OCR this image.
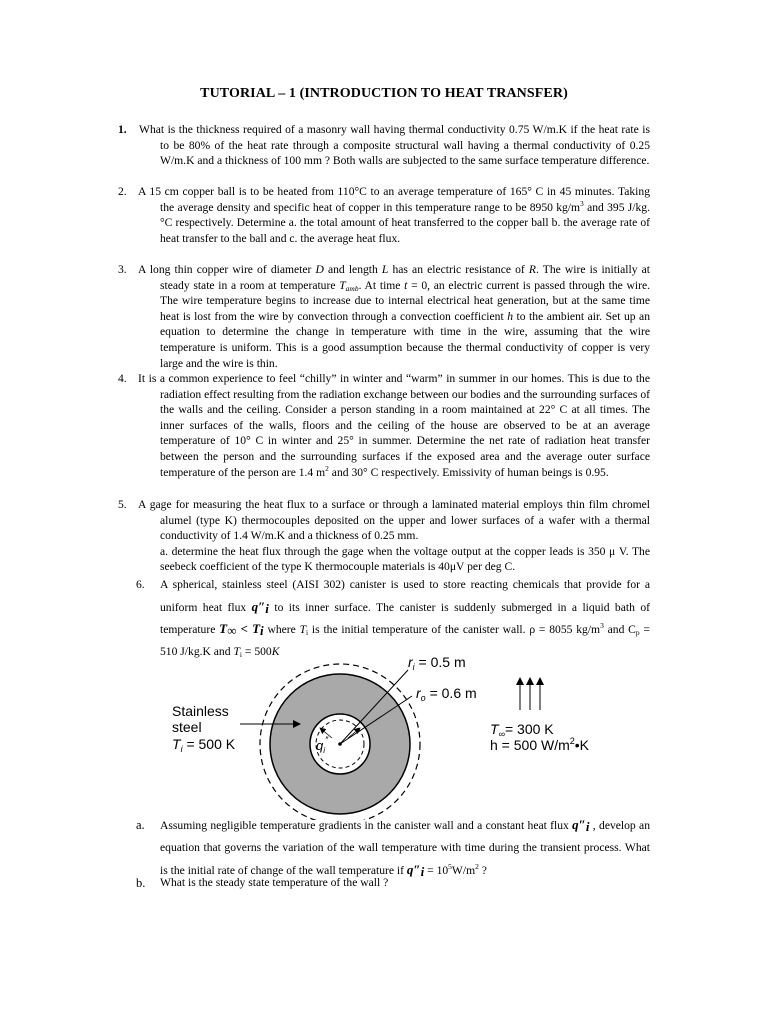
TUTORIAL – 1 (INTRODUCTION TO HEAT TRANSFER)
1. What is the thickness required of a masonry wall having thermal conductivity 0.75 W/m.K if the heat rate is to be 80% of the heat rate through a composite structural wall having a thermal conductivity of 0.25 W/m.K and a thickness of 100 mm ? Both walls are subjected to the same surface temperature difference.

2. A 15 cm copper ball is to be heated from 110°C to an average temperature of 165° C in 45 minutes. Taking the average density and specific heat of copper in this temperature range to be 8950 $kg/m^3$ and 395 J/kg.°C respectively. Determine a. the total amount of heat transferred to the copper ball b. the average rate of heat transfer to the ball and c. the average heat flux.

3. A long thin copper wire of diameter D and length L has an electric resistance of R. The wire is initially at steady state in a room at temperature $T_{amb}$. At time t = 0, an electric current is passed through the wire. The wire temperature begins to increase due to internal electrical heat generation, but at the same time heat is lost from the wire by convection through a convection coefficient h to the ambient air. Set up an equation to determine the change in temperature with time in the wire, assuming that the wire temperature is uniform. This is a good assumption because the thermal conductivity of copper is very large and the wire is thin.

4. It is a common experience to feel “chilly” in winter and “warm” in summer in our homes. This is due to the radiation effect resulting from the radiation exchange between our bodies and the surrounding surfaces of the walls and the ceiling. Consider a person standing in a room maintained at 22° C at all times. The inner surfaces of the walls, floors and the ceiling of the house are observed to be at an average temperature of 10° C in winter and 25° in summer. Determine the net rate of radiation heat transfer between the person and the surrounding surfaces if the exposed area and the average outer surface temperature of the person are 1.4 $m^2$ and 30° C respectively. Emissivity of human beings is 0.95.

5. A gage for measuring the heat flux to a surface or through a laminated material employs thin film chromel alumel (type K) thermocouples deposited on the upper and lower surfaces of a wafer with a thermal conductivity of 1.4 W/m.K and a thickness of 0.25 mm.

a. determine the heat flux through the gage when the voltage output at the copper leads is 350 μ V. The seebeck coefficient of the type K thermocouple materials is 40μV per deg C.

6. A spherical, stainless steel (AISI 302) canister is used to store reacting chemicals that provide for a uniform heat flux $q''_i$ to its inner surface. The canister is suddenly submerged in a liquid bath of temperature $T_\infty < T_i$ where $T_i$ is the initial temperature of the canister wall. ρ = 8055 $kg/m^3$ and $C_p = 510$ J/kg.K and $T_i = 500K$

$r_i = 0.5$ m
$r_o = 0.6$ m
Stainless
steel
$T_i = 500$ K	$q_i''$
$T_\infty= 300$ K
h = 500 $W/m^2•K$
a. Assuming negligible temperature gradients in the canister wall and a constant heat flux $q''_i$ , develop an equation that governs the variation of the wall temperature with time during the transient process. What is the initial rate of change of the wall temperature if $q''_i = 10^5W/m^2$ ?

b. What is the steady state temperature of the wall ?
